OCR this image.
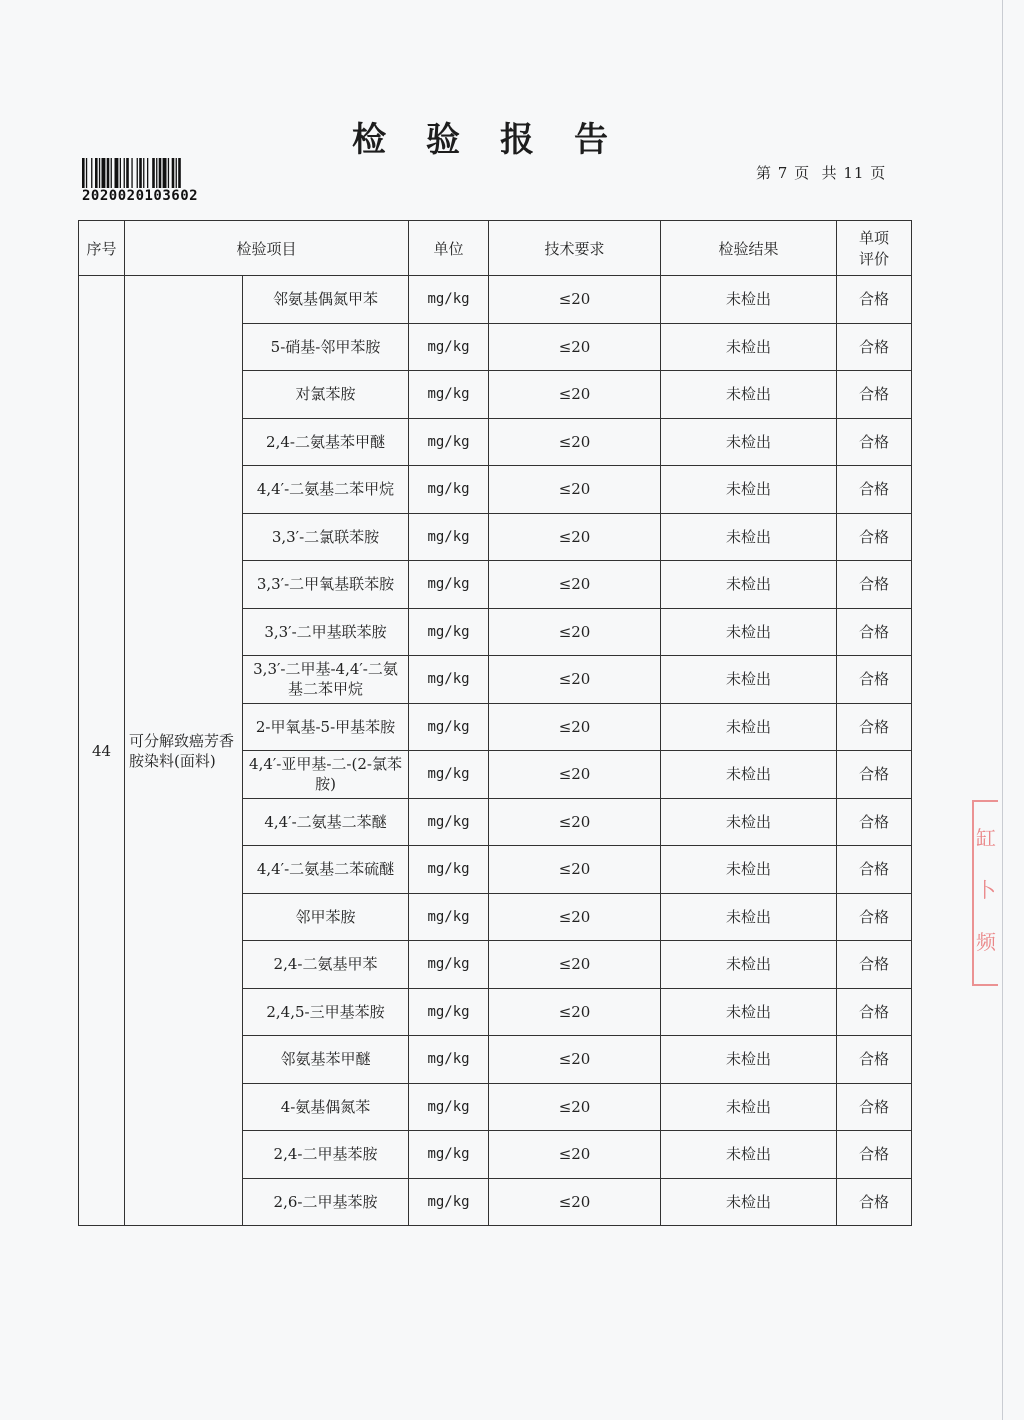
检验报告
2020020103602
第 7 页  共 11 页
序号	检验项目		单位	技术要求	检验结果	单项
评价

44	可分解致癌芳香胺染料(面料)	邻氨基偶氮甲苯	mg/kg	≤20	未检出	合格
		5-硝基-邻甲苯胺	mg/kg	≤20	未检出	合格
		对氯苯胺	mg/kg	≤20	未检出	合格
		2,4-二氨基苯甲醚	mg/kg	≤20	未检出	合格
		4,4′-二氨基二苯甲烷	mg/kg	≤20	未检出	合格
		3,3′-二氯联苯胺	mg/kg	≤20	未检出	合格
		3,3′-二甲氧基联苯胺	mg/kg	≤20	未检出	合格
		3,3′-二甲基联苯胺	mg/kg	≤20	未检出	合格
		3,3′-二甲基-4,4′-二氨基二苯甲烷	mg/kg	≤20	未检出	合格
		2-甲氧基-5-甲基苯胺	mg/kg	≤20	未检出	合格
		4,4′-亚甲基-二-(2-氯苯胺)	mg/kg	≤20	未检出	合格
		4,4′-二氨基二苯醚	mg/kg	≤20	未检出	合格
		4,4′-二氨基二苯硫醚	mg/kg	≤20	未检出	合格
		邻甲苯胺	mg/kg	≤20	未检出	合格
		2,4-二氨基甲苯	mg/kg	≤20	未检出	合格
		2,4,5-三甲基苯胺	mg/kg	≤20	未检出	合格
		邻氨基苯甲醚	mg/kg	≤20	未检出	合格
		4-氨基偶氮苯	mg/kg	≤20	未检出	合格
		2,4-二甲基苯胺	mg/kg	≤20	未检出	合格
		2,6-二甲基苯胺	mg/kg	≤20	未检出	合格
缸
卜
频
